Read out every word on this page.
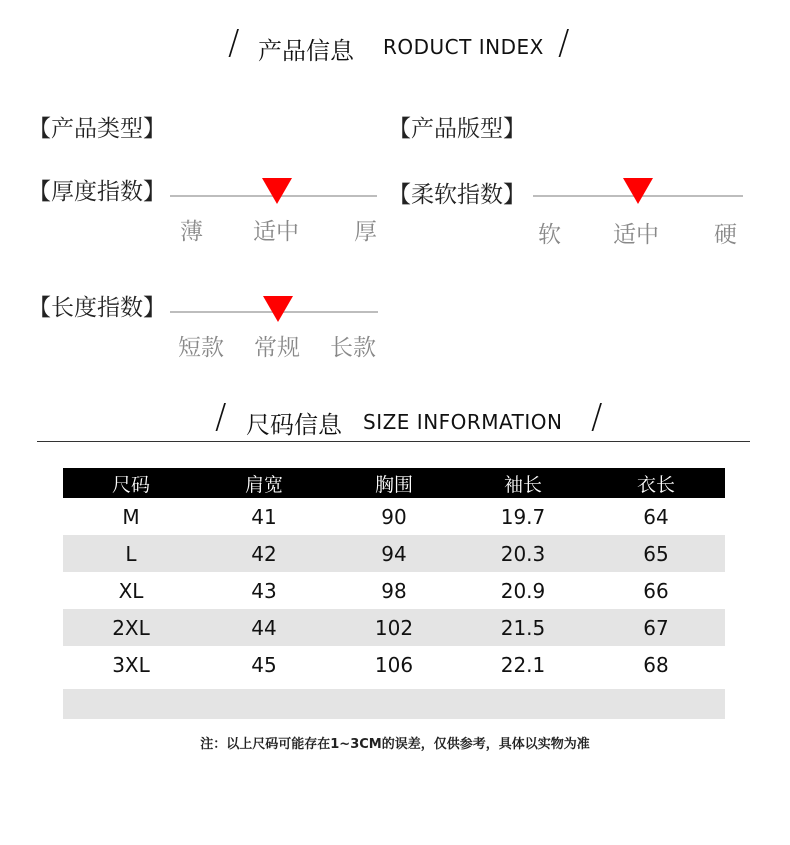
/ 产品信息 RODUCT INDEX /
【产品类型】	【产品版型】
【厚度指数】
薄 适中 厚
【柔软指数】
软 适中 硬
【长度指数】
短款 常规 长款
/ 尺码信息 SIZE INFORMATION /
尺码	肩宽	胸围	袖长	衣长
M	41	90	19.7	64
L	42	94	20.3	65
XL	43	98	20.9	66
2XL	44	102	21.5	67
3XL	45	106	22.1	68
注：以上尺码可能存在1~3CM的误差，仅供参考，具体以实物为准
